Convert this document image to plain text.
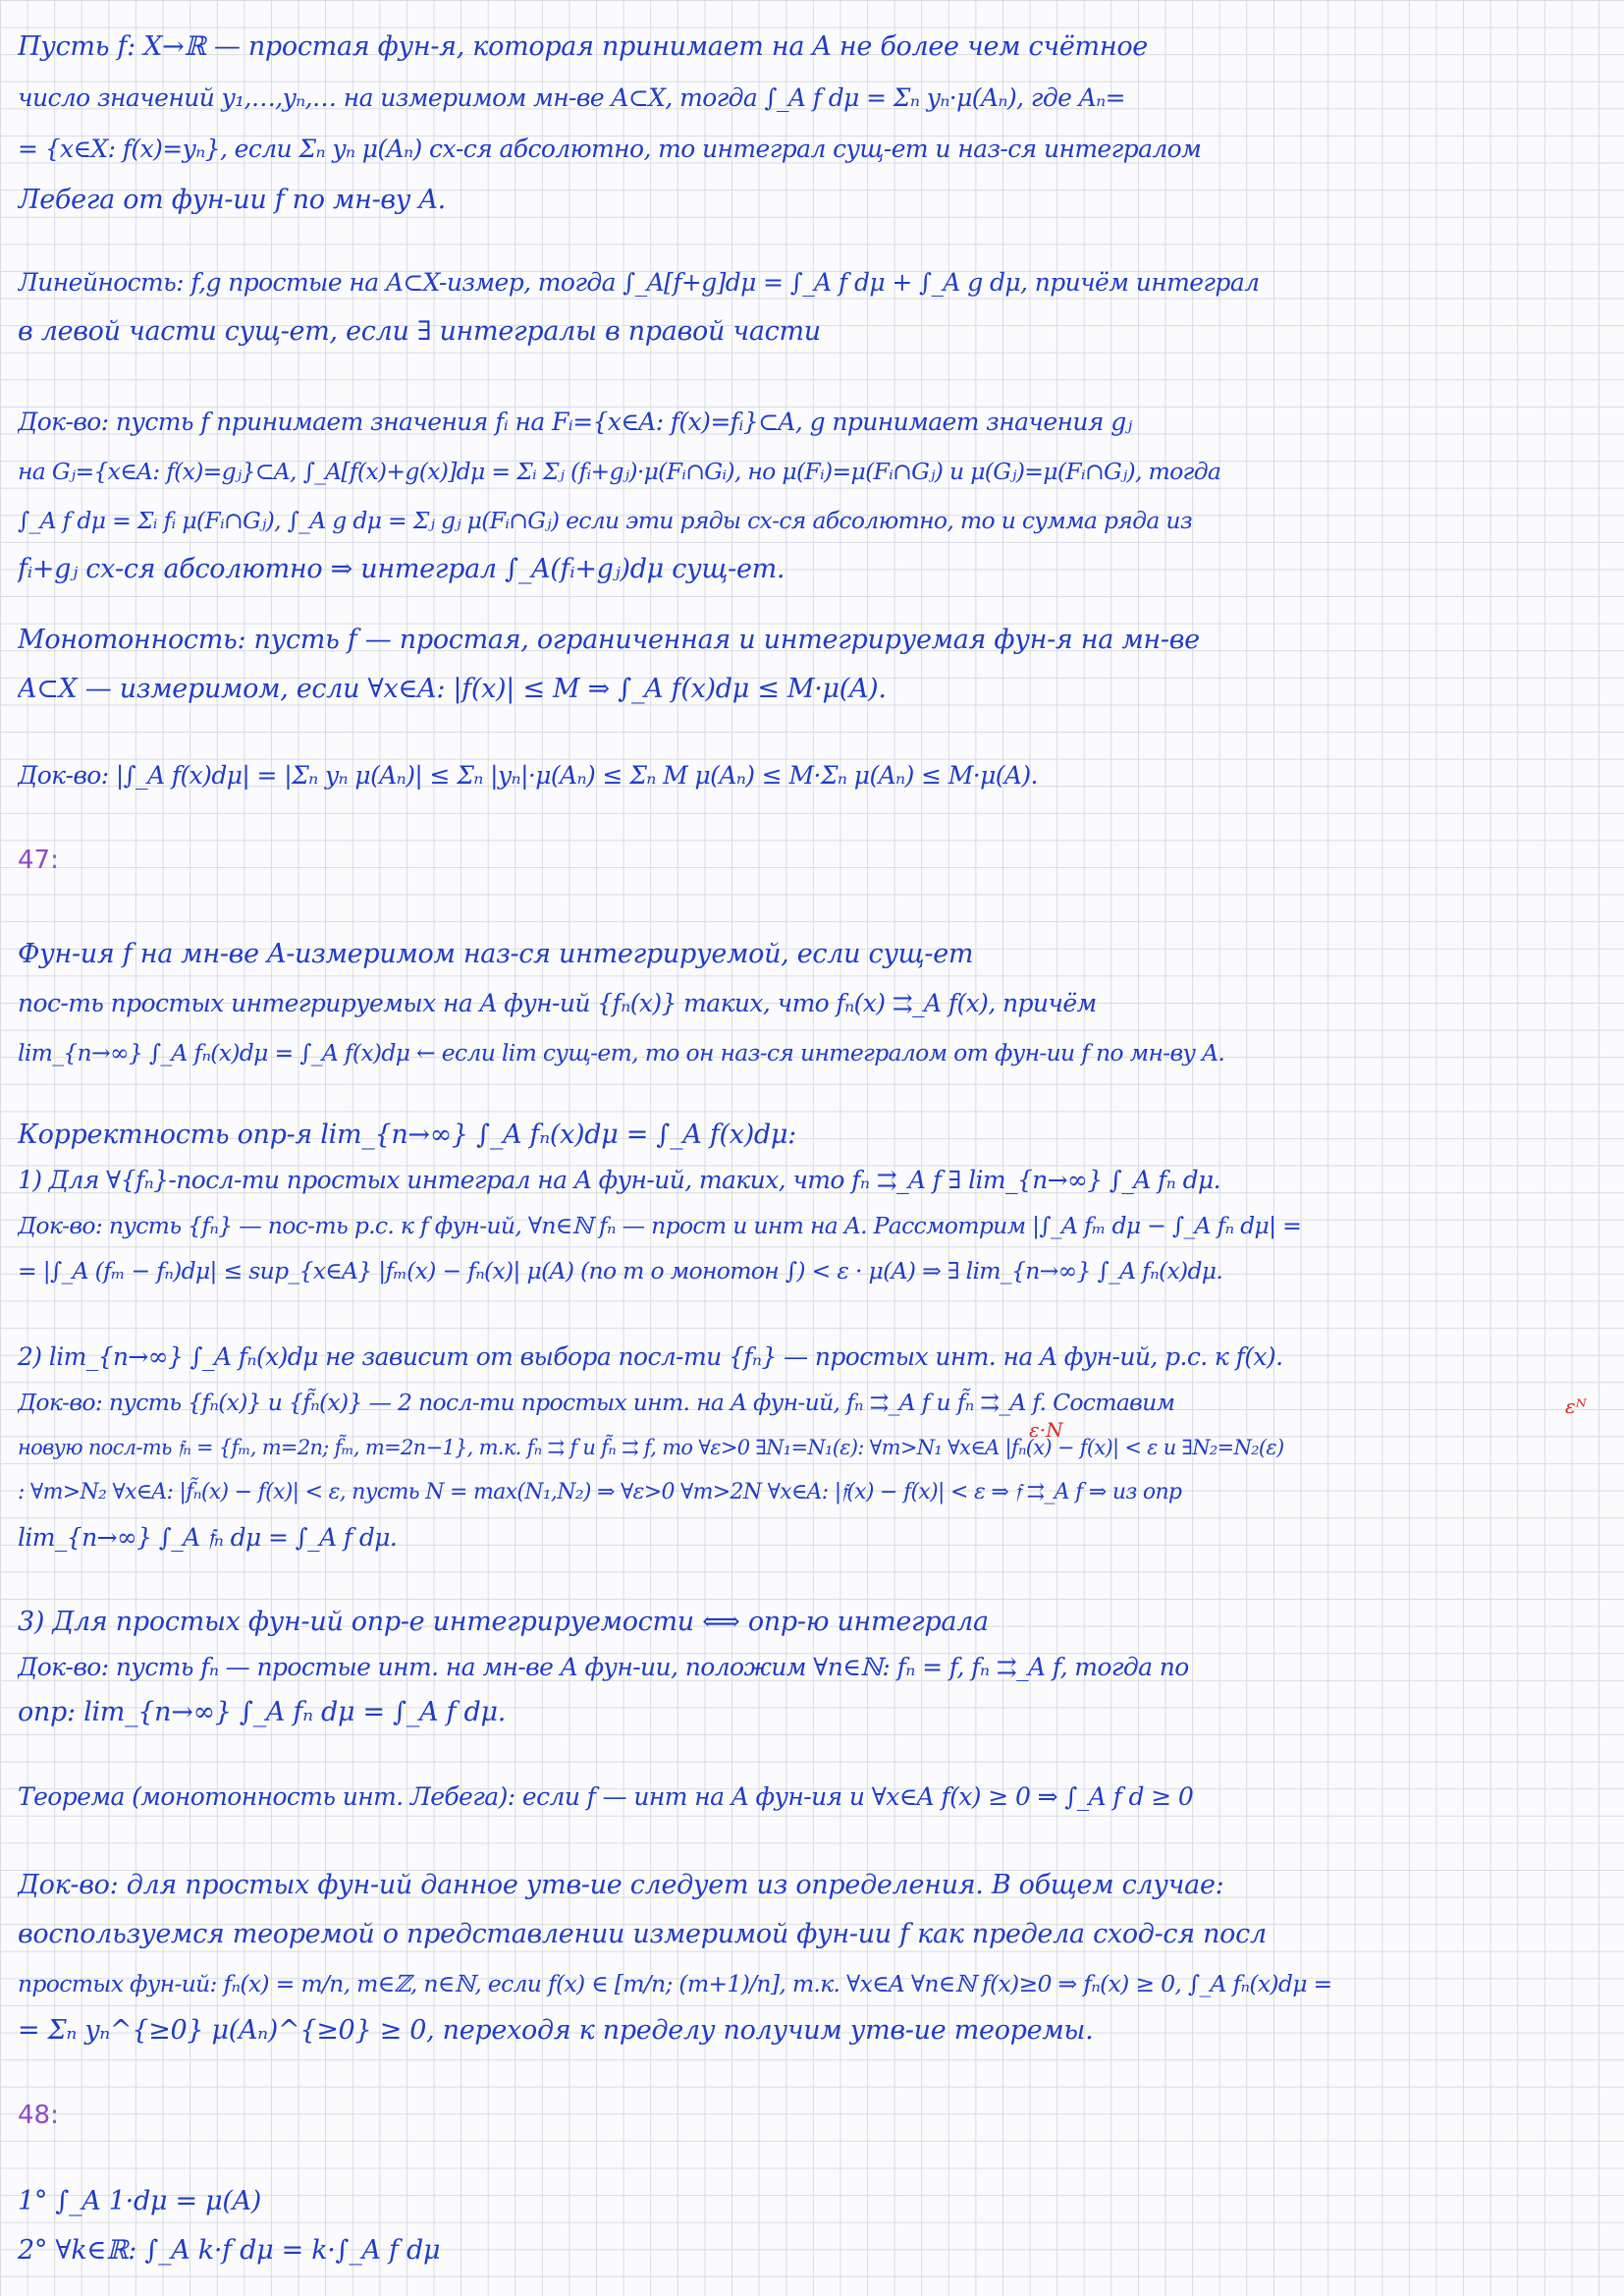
Пусть f: X→ℝ — простая фун-я, которая принимает на A не более чем счётное
число значений y₁,…,yₙ,… на измеримом мн-ве A⊂X, тогда ∫_A f dμ = Σₙ yₙ·μ(Aₙ), где Aₙ=
= {x∈X: f(x)=yₙ}, если Σₙ yₙ μ(Aₙ) сх-ся абсолютно, то интеграл сущ-ет и наз-ся интегралом
Лебега от фун-ии f по мн-ву A.
Линейность: f,g простые на A⊂X-измер, тогда ∫_A[f+g]dμ = ∫_A f dμ + ∫_A g dμ, причём интеграл
в левой части сущ-ет, если ∃ интегралы в правой части
Док-во: пусть f принимает значения fᵢ на Fᵢ={x∈A: f(x)=fᵢ}⊂A, g принимает значения gⱼ
на Gⱼ={x∈A: f(x)=gⱼ}⊂A, ∫_A[f(x)+g(x)]dμ = Σᵢ Σⱼ (fᵢ+gⱼ)·μ(Fᵢ∩Gᵢ), но μ(Fᵢ)=μ(Fᵢ∩Gⱼ) и μ(Gⱼ)=μ(Fᵢ∩Gⱼ), тогда
∫_A f dμ = Σᵢ fᵢ μ(Fᵢ∩Gⱼ), ∫_A g dμ = Σⱼ gⱼ μ(Fᵢ∩Gⱼ) если эти ряды сх-ся абсолютно, то и сумма ряда из
fᵢ+gⱼ сх-ся абсолютно ⇒ интеграл ∫_A(fᵢ+gⱼ)dμ сущ-ет.
Монотонность: пусть f — простая, ограниченная и интегрируемая фун-я на мн-ве
A⊂X — измеримом, если ∀x∈A: |f(x)| ≤ M ⇒ ∫_A f(x)dμ ≤ M·μ(A).
Док-во: |∫_A f(x)dμ| = |Σₙ yₙ μ(Aₙ)| ≤ Σₙ |yₙ|·μ(Aₙ) ≤ Σₙ M μ(Aₙ) ≤ M·Σₙ μ(Aₙ) ≤ M·μ(A).
47:
Фун-ия f на мн-ве A-измеримом наз-ся интегрируемой, если сущ-ет
пос-ть простых интегрируемых на A фун-ий {fₙ(x)} таких, что fₙ(x) ⇉_A f(x), причём
lim_{n→∞} ∫_A fₙ(x)dμ = ∫_A f(x)dμ ← если lim сущ-ет, то он наз-ся интегралом от фун-ии f по мн-ву A.
Корректность опр-я lim_{n→∞} ∫_A fₙ(x)dμ = ∫_A f(x)dμ:
1) Для ∀{fₙ}-посл-ти простых интеграл на A фун-ий, таких, что fₙ ⇉_A f ∃ lim_{n→∞} ∫_A fₙ dμ.
Док-во: пусть {fₙ} — пос-ть р.с. к f фун-ий, ∀n∈ℕ fₙ — прост и инт на A. Рассмотрим |∫_A fₘ dμ − ∫_A fₙ dμ| =
= |∫_A (fₘ − fₙ)dμ| ≤ sup_{x∈A} |fₘ(x) − fₙ(x)| μ(A) (по т о монотон ∫) < ε · μ(A) ⇒ ∃ lim_{n→∞} ∫_A fₙ(x)dμ.
2) lim_{n→∞} ∫_A fₙ(x)dμ не зависит от выбора посл-ти {fₙ} — простых инт. на A фун-ий, р.с. к f(x).
Док-во: пусть {fₙ(x)} и {f̃ₙ(x)} — 2 посл-ти простых инт. на A фун-ий, fₙ ⇉_A f и f̃ₙ ⇉_A f. Составим
новую посл-ть 𝔣ₙ = {fₘ, m=2n; f̃ₘ, m=2n−1}, т.к. fₙ ⇉ f и f̃ₙ ⇉ f, то ∀ε>0 ∃N₁=N₁(ε): ∀m>N₁ ∀x∈A |fₙ(x) − f(x)| < ε и ∃N₂=N₂(ε)
: ∀m>N₂ ∀x∈A: |f̃ₙ(x) − f(x)| < ε, пусть N = max(N₁,N₂) ⇒ ∀ε>0 ∀m>2N ∀x∈A: |𝔣(x) − f(x)| < ε ⇒ 𝔣 ⇉_A f ⇒ из опр
lim_{n→∞} ∫_A 𝔣ₙ dμ = ∫_A f dμ.
ε·N
εᴺ
3) Для простых фун-ий опр-е интегрируемости ⟺ опр-ю интеграла
Док-во: пусть fₙ — простые инт. на мн-ве A фун-ии, положим ∀n∈ℕ: fₙ = f, fₙ ⇉_A f, тогда по
опр: lim_{n→∞} ∫_A fₙ dμ = ∫_A f dμ.
Теорема (монотонность инт. Лебега): если f — инт на A фун-ия и ∀x∈A f(x) ≥ 0 ⇒ ∫_A f d ≥ 0
Док-во: для простых фун-ий данное утв-ие следует из определения. В общем случае:
воспользуемся теоремой о представлении измеримой фун-ии f как предела сход-ся посл
простых фун-ий: fₙ(x) = m/n, m∈ℤ, n∈ℕ, если f(x) ∈ [m/n; (m+1)/n], т.к. ∀x∈A ∀n∈ℕ f(x)≥0 ⇒ fₙ(x) ≥ 0, ∫_A fₙ(x)dμ =
= Σₙ yₙ^{≥0} μ(Aₙ)^{≥0} ≥ 0, переходя к пределу получим утв-ие теоремы.
48:
1° ∫_A 1·dμ = μ(A)
2° ∀k∈ℝ: ∫_A k·f dμ = k·∫_A f dμ
